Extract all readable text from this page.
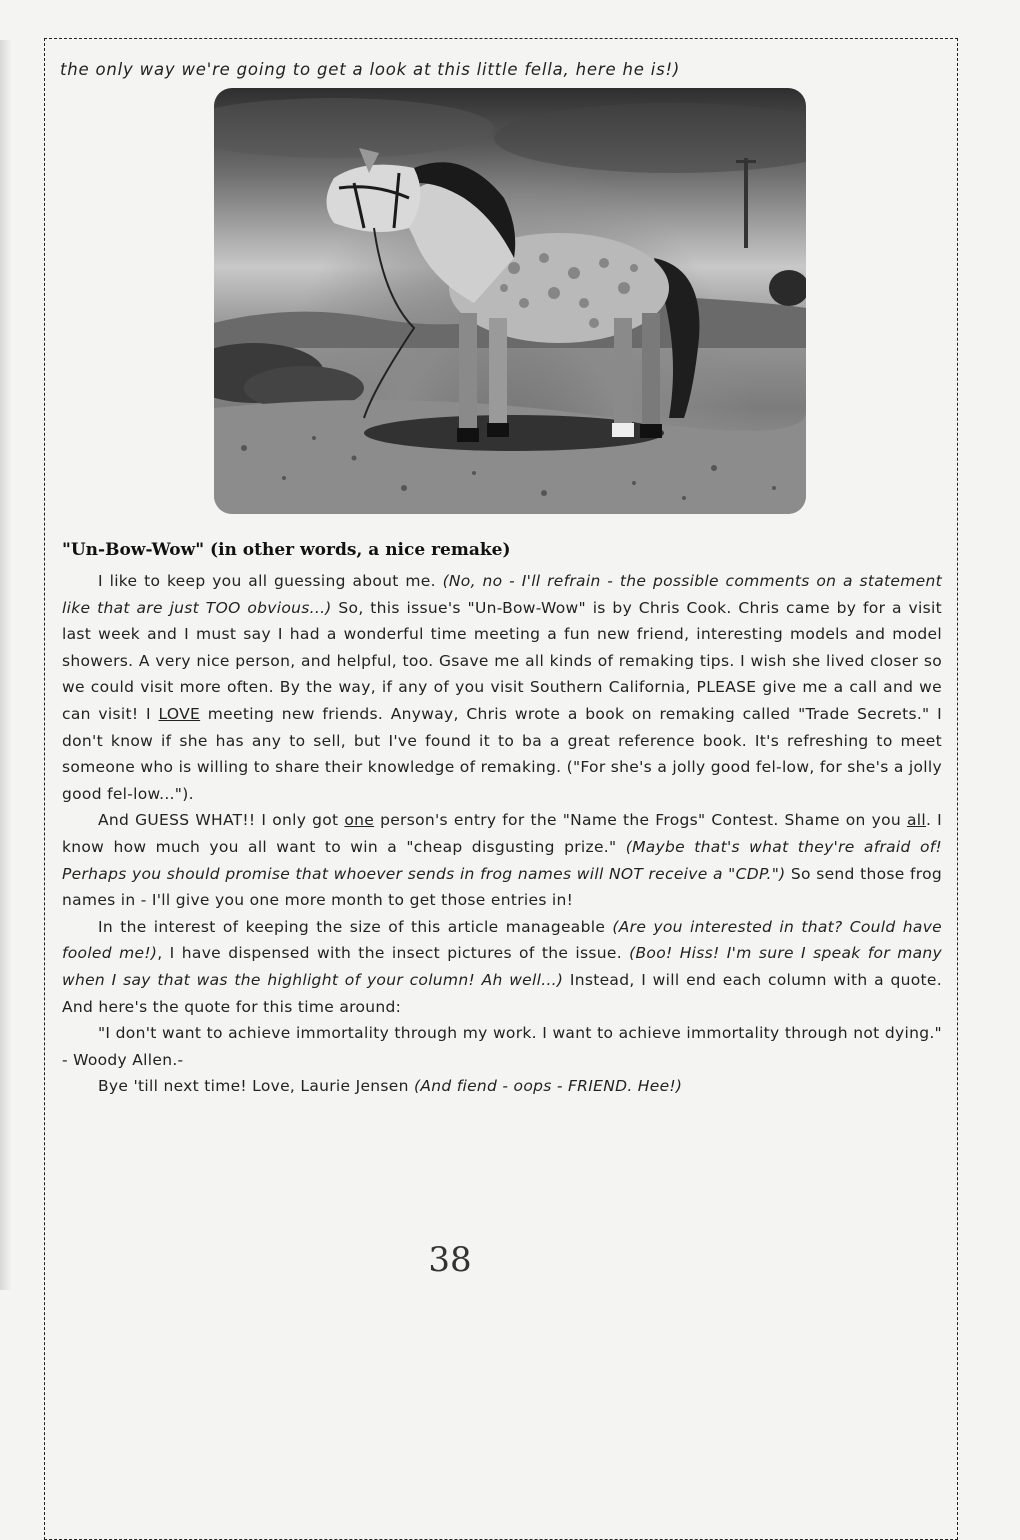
the only way we're going to get a look at this little fella, here he is!)
"Un-Bow-Wow" (in other words, a nice remake)

I like to keep you all guessing about me. (No, no - I'll refrain - the possible comments on a statement like that are just TOO obvious...) So, this issue's "Un-Bow-Wow" is by Chris Cook. Chris came by for a visit last week and I must say I had a wonderful time meeting a fun new friend, interesting models and model showers. A very nice person, and helpful, too. Gsave me all kinds of remaking tips. I wish she lived closer so we could visit more often. By the way, if any of you visit Southern California, PLEASE give me a call and we can visit! I LOVE meeting new friends. Anyway, Chris wrote a book on remaking called "Trade Secrets." I don't know if she has any to sell, but I've found it to ba a great reference book. It's refreshing to meet someone who is willing to share their knowledge of remaking. ("For she's a jolly good fel-low, for she's a jolly good fel-low...").

And GUESS WHAT!! I only got one person's entry for the "Name the Frogs" Contest. Shame on you all. I know how much you all want to win a "cheap disgusting prize." (Maybe that's what they're afraid of! Perhaps you should promise that whoever sends in frog names will NOT receive a "CDP.") So send those frog names in - I'll give you one more month to get those entries in!

In the interest of keeping the size of this article manageable (Are you interested in that? Could have fooled me!), I have dispensed with the insect pictures of the issue. (Boo! Hiss! I'm sure I speak for many when I say that was the highlight of your column! Ah well...) Instead, I will end each column with a quote. And here's the quote for this time around:

"I don't want to achieve immortality through my work. I want to achieve immortality through not dying." - Woody Allen.-

Bye 'till next time! Love, Laurie Jensen (And fiend - oops - FRIEND. Hee!)

38
